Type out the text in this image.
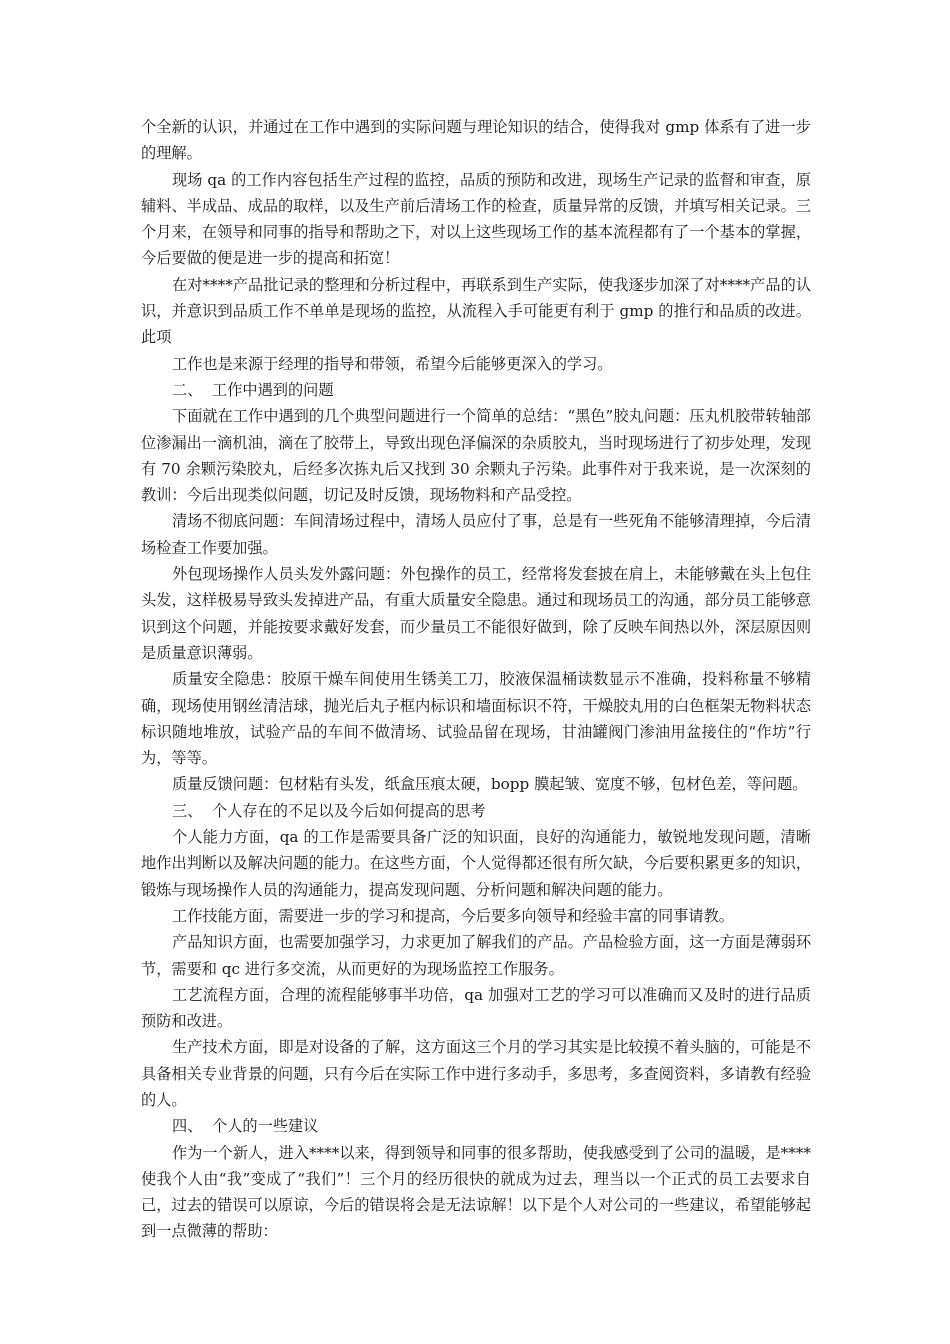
个全新的认识，并通过在工作中遇到的实际问题与理论知识的结合，使得我对 gmp 体系有了进一步的理解。

现场 qa 的工作内容包括生产过程的监控，品质的预防和改进，现场生产记录的监督和审查，原辅料、半成品、成品的取样，以及生产前后清场工作的检查，质量异常的反馈，并填写相关记录。三个月来，在领导和同事的指导和帮助之下，对以上这些现场工作的基本流程都有了一个基本的掌握，今后要做的便是进一步的提高和拓宽！

在对****产品批记录的整理和分析过程中，再联系到生产实际，使我逐步加深了对****产品的认识，并意识到品质工作不单单是现场的监控，从流程入手可能更有利于 gmp 的推行和品质的改进。此项

工作也是来源于经理的指导和带领，希望今后能够更深入的学习。

二、  工作中遇到的问题

下面就在工作中遇到的几个典型问题进行一个简单的总结：“黑色”胶丸问题：压丸机胶带转轴部位渗漏出一滴机油，滴在了胶带上，导致出现色泽偏深的杂质胶丸，当时现场进行了初步处理，发现有 70 余颗污染胶丸，后经多次拣丸后又找到 30 余颗丸子污染。此事件对于我来说，是一次深刻的教训：今后出现类似问题，切记及时反馈，现场物料和产品受控。

清场不彻底问题：车间清场过程中，清场人员应付了事，总是有一些死角不能够清理掉，今后清场检查工作要加强。

外包现场操作人员头发外露问题：外包操作的员工，经常将发套披在肩上，未能够戴在头上包住头发，这样极易导致头发掉进产品，有重大质量安全隐患。通过和现场员工的沟通，部分员工能够意识到这个问题，并能按要求戴好发套，而少量员工不能很好做到，除了反映车间热以外，深层原因则是质量意识薄弱。

质量安全隐患：胶原干燥车间使用生锈美工刀，胶液保温桶读数显示不准确，投料称量不够精确，现场使用钢丝清洁球，抛光后丸子框内标识和墙面标识不符，干燥胶丸用的白色框架无物料状态标识随地堆放，试验产品的车间不做清场、试验品留在现场，甘油罐阀门渗油用盆接住的“作坊”行为，等等。

质量反馈问题：包材粘有头发，纸盒压痕太硬，bopp 膜起皱、宽度不够，包材色差，等问题。

三、  个人存在的不足以及今后如何提高的思考

个人能力方面，qa 的工作是需要具备广泛的知识面，良好的沟通能力，敏锐地发现问题，清晰地作出判断以及解决问题的能力。在这些方面，个人觉得都还很有所欠缺，今后要积累更多的知识，锻炼与现场操作人员的沟通能力，提高发现问题、分析问题和解决问题的能力。

工作技能方面，需要进一步的学习和提高，今后要多向领导和经验丰富的同事请教。

产品知识方面，也需要加强学习，力求更加了解我们的产品。产品检验方面，这一方面是薄弱环节，需要和 qc 进行多交流，从而更好的为现场监控工作服务。

工艺流程方面，合理的流程能够事半功倍，qa 加强对工艺的学习可以准确而又及时的进行品质预防和改进。

生产技术方面，即是对设备的了解，这方面这三个月的学习其实是比较摸不着头脑的，可能是不具备相关专业背景的问题，只有今后在实际工作中进行多动手，多思考，多查阅资料，多请教有经验的人。

四、  个人的一些建议

作为一个新人，进入****以来，得到领导和同事的很多帮助，使我感受到了公司的温暖，是****使我个人由“我”变成了“我们”！三个月的经历很快的就成为过去，理当以一个正式的员工去要求自己，过去的错误可以原谅，今后的错误将会是无法谅解！以下是个人对公司的一些建议，希望能够起到一点微薄的帮助：
